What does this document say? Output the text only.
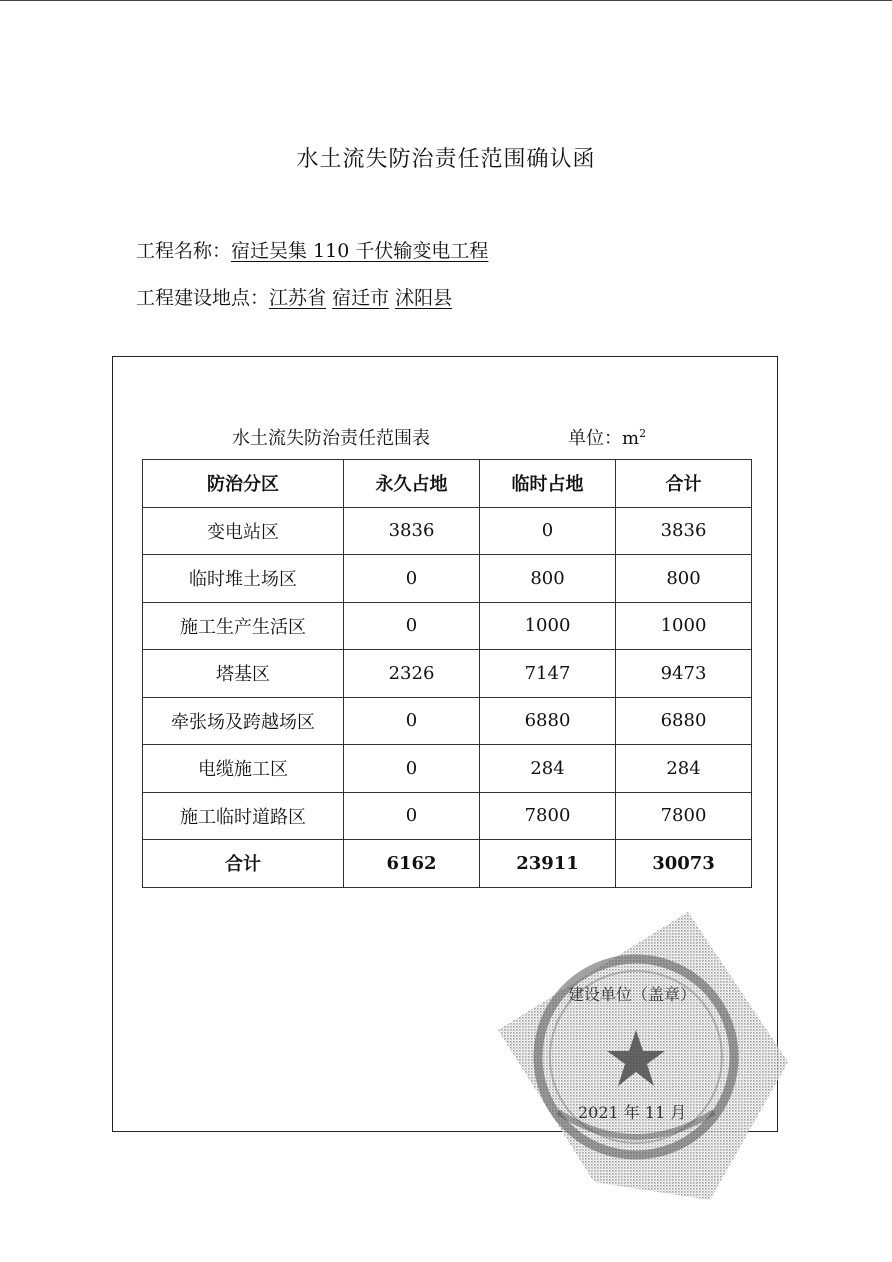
水土流失防治责任范围确认函
工程名称：宿迁吴集 110 千伏输变电工程
工程建设地点：江苏省 宿迁市 沭阳县
水土流失防治责任范围表	单位：$m^2$
防治分区	永久占地	临时占地	合计
变电站区	3836	0	3836
临时堆土场区	0	800	800
施工生产生活区	0	1000	1000
塔基区	2326	7147	9473
牵张场及跨越场区	0	6880	6880
电缆施工区	0	284	284
施工临时道路区	0	7800	7800
合计	6162	23911	30073
建设单位（盖章）
2021 年 11 月
